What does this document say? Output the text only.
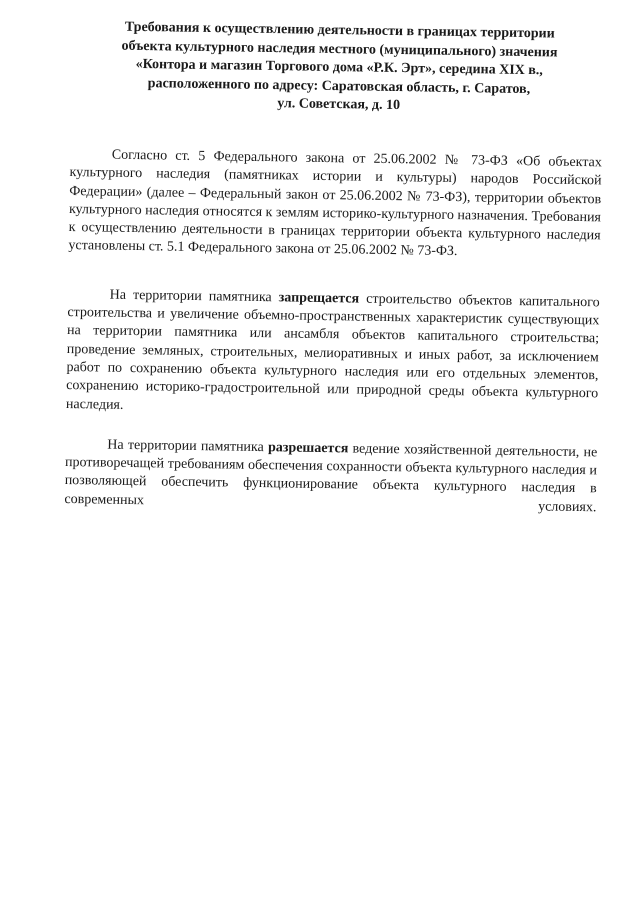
Требования к осуществлению деятельности в границах территории
объекта культурного наследия местного (муниципального) значения
«Контора и магазин Торгового дома «Р.К. Эрт», середина XIX в.,
расположенного по адресу: Саратовская область, г. Саратов,
ул. Советская, д. 10

Согласно ст. 5 Федерального закона от 25.06.2002 № 73-ФЗ «Об объектах культурного наследия (памятниках истории и культуры) народов Российской Федерации» (далее – Федеральный закон от 25.06.2002 № 73-ФЗ), территории объектов культурного наследия относятся к землям историко-культурного назначения. Требования к осуществлению деятельности в границах территории объекта культурного наследия установлены ст. 5.1 Федерального закона от 25.06.2002 № 73-ФЗ.

На территории памятника запрещается строительство объектов капитального строительства и увеличение объемно-пространственных характеристик существующих на территории памятника или ансамбля объектов капитального строительства; проведение земляных, строительных, мелиоративных и иных работ, за исключением работ по сохранению объекта культурного наследия или его отдельных элементов, сохранению историко-градостроительной или природной среды объекта культурного наследия.

На территории памятника разрешается ведение хозяйственной деятельности, не противоречащей требованиям обеспечения сохранности объекта культурного наследия и позволяющей обеспечить функционирование объекта культурного наследия в современных условиях.
